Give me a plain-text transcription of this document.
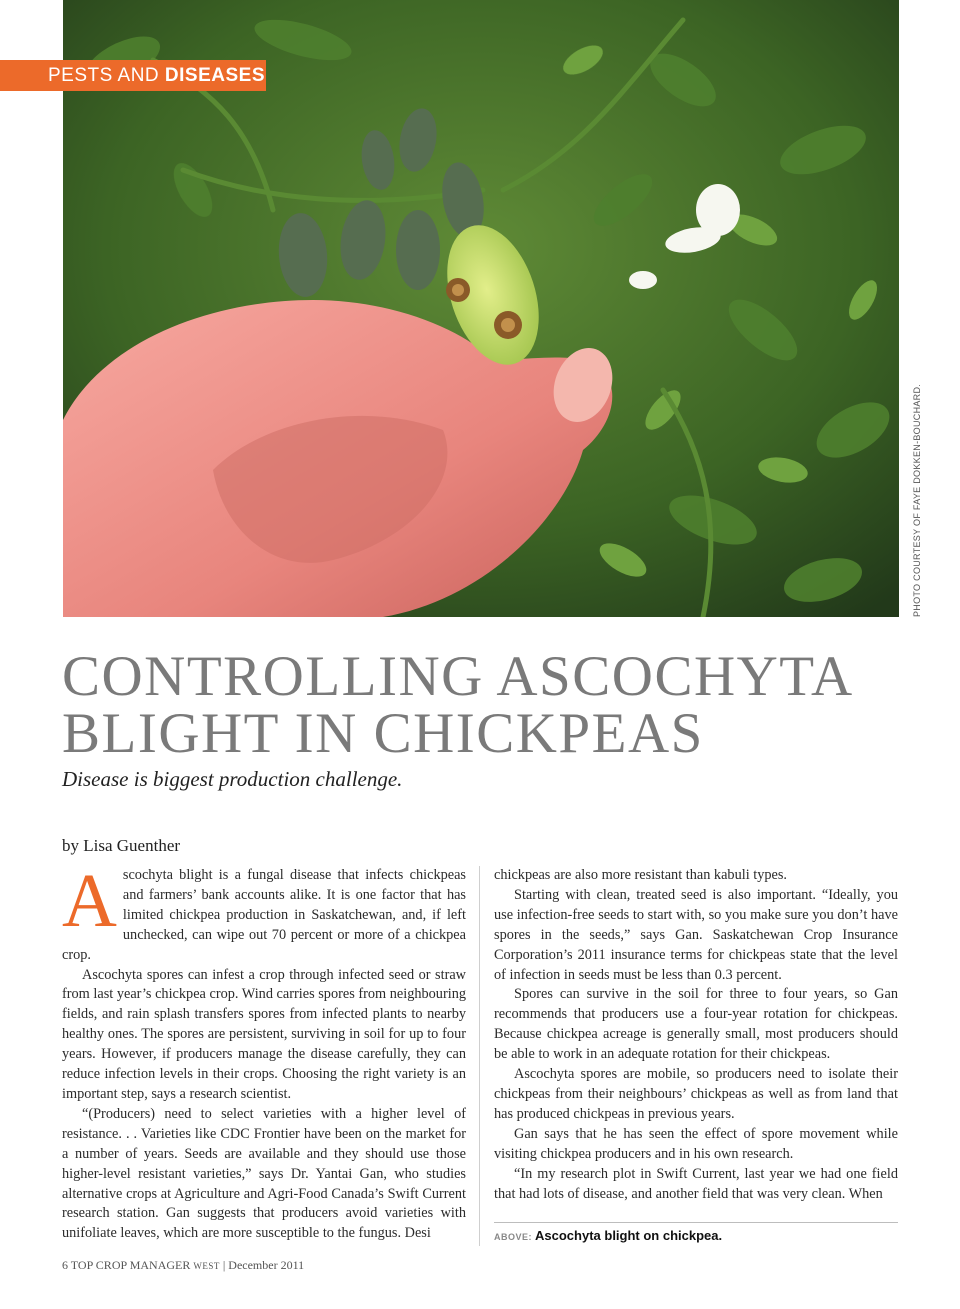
PESTS AND DISEASES
PHOTO COURTESY OF FAYE DOKKEN-BOUCHARD.
CONTROLLING ASCOCHYTA BLIGHT IN CHICKPEAS
Disease is biggest production challenge.
by Lisa Guenther

Ascochyta blight is a fungal disease that infects chickpeas and farmers’ bank accounts alike. It is one factor that has limited chickpea production in Saskatchewan, and, if left unchecked, can wipe out 70 percent or more of a chickpea crop.

Ascochyta spores can infest a crop through infected seed or straw from last year’s chickpea crop. Wind carries spores from neighbouring fields, and rain splash transfers spores from infected plants to nearby healthy ones. The spores are persistent, surviving in soil for up to four years. However, if producers manage the disease carefully, they can reduce infection levels in their crops. Choosing the right variety is an important step, says a research scientist.

“(Producers) need to select varieties with a higher level of resistance. . . Varieties like CDC Frontier have been on the market for a number of years. Seeds are available and they should use those higher-level resistant varieties,” says Dr. Yantai Gan, who studies alternative crops at Agriculture and Agri-Food Canada’s Swift Current research station. Gan suggests that producers avoid varieties with unifoliate leaves, which are more susceptible to the fungus. Desi

chickpeas are also more resistant than kabuli types.

Starting with clean, treated seed is also important. “Ideally, you use infection-free seeds to start with, so you make sure you don’t have spores in the seeds,” says Gan. Saskatchewan Crop Insurance Corporation’s 2011 insurance terms for chickpeas state that the level of infection in seeds must be less than 0.3 percent.

Spores can survive in the soil for three to four years, so Gan recommends that producers use a four-year rotation for chickpeas. Because chickpea acreage is generally small, most producers should be able to work in an adequate rotation for their chickpeas.

Ascochyta spores are mobile, so producers need to isolate their chickpeas from their neighbours’ chickpeas as well as from land that has produced chickpeas in previous years.

Gan says that he has seen the effect of spore movement while visiting chickpea producers and in his own research.

“In my research plot in Swift Current, last year we had one field that had lots of disease, and another field that was very clean. When

ABOVE: Ascochyta blight on chickpea.
6 TOP CROP MANAGER WEST | December 2011
